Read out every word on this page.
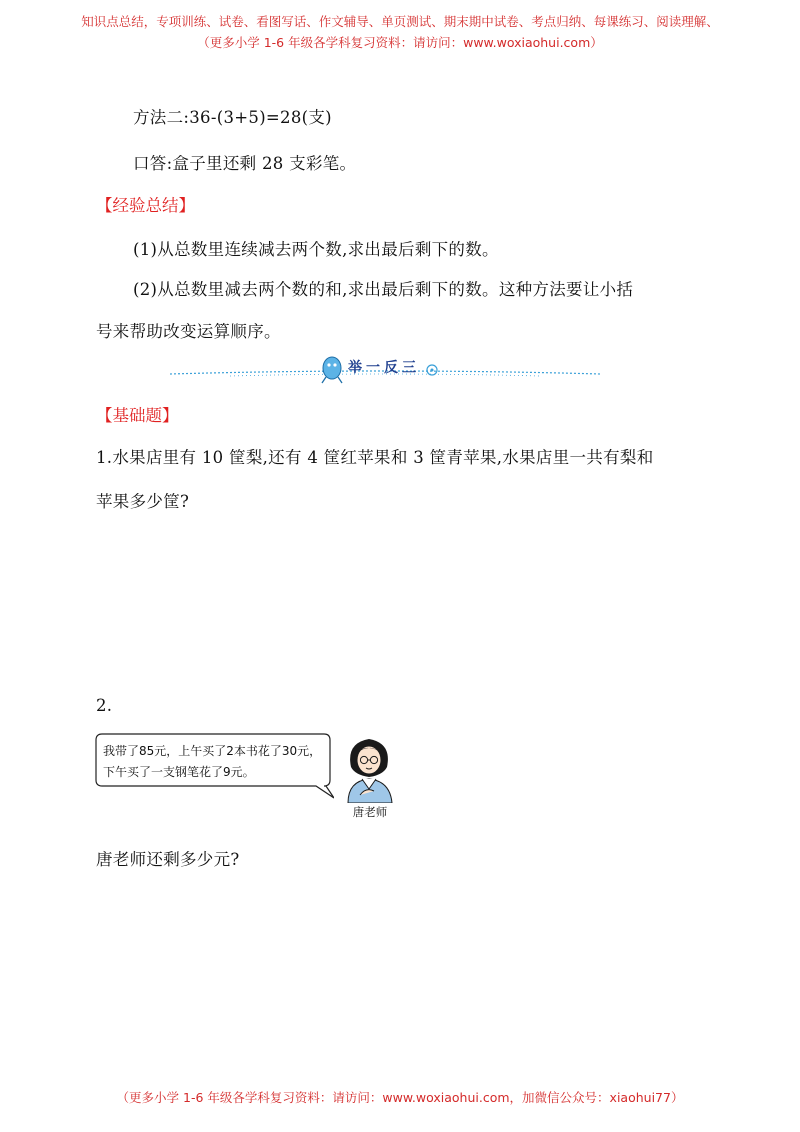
知识点总结，专项训练、试卷、看图写话、作文辅导、单页测试、期末期中试卷、考点归纳、每课练习、阅读理解、
（更多小学 1-6 年级各学科复习资料：请访问：www.woxiaohui.com）
方法二:36-(3+5)=28(支)
口答:盒子里还剩 28 支彩笔。
【经验总结】
(1)从总数里连续减去两个数,求出最后剩下的数。
(2)从总数里减去两个数的和,求出最后剩下的数。这种方法要让小括
号来帮助改变运算顺序。
举一反三
【基础题】
1.水果店里有 10 筐梨,还有 4 筐红苹果和 3 筐青苹果,水果店里一共有梨和
苹果多少筐?
2.
我带了85元，上午买了2本书花了30元，
下午买了一支钢笔花了9元。
唐老师
唐老师还剩多少元?
（更多小学 1-6 年级各学科复习资料：请访问：www.woxiaohui.com，加微信公众号：xiaohui77）
